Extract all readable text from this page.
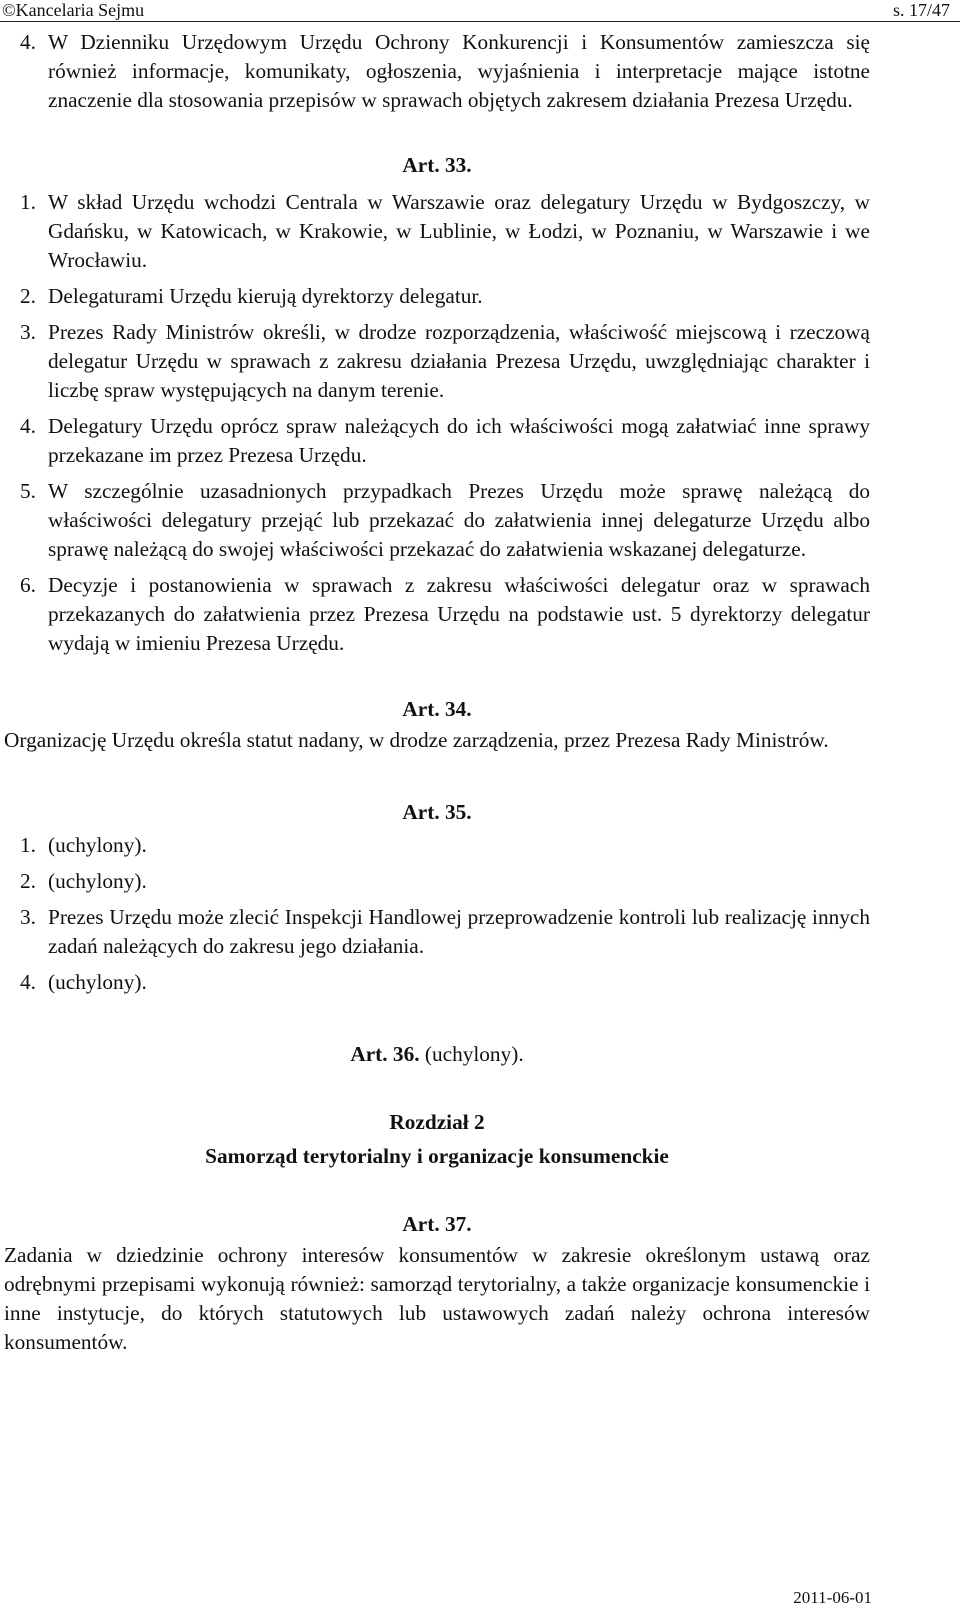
©Kancelaria Sejmu	s. 17/47

4. W Dzienniku Urzędowym Urzędu Ochrony Konkurencji i Konsumentów zamieszcza się również informacje, komunikaty, ogłoszenia, wyjaśnienia i interpretacje mające istotne znaczenie dla stosowania przepisów w sprawach objętych zakresem działania Prezesa Urzędu.

Art. 33.

1. W skład Urzędu wchodzi Centrala w Warszawie oraz delegatury Urzędu w Bydgoszczy, w Gdańsku, w Katowicach, w Krakowie, w Lublinie, w Łodzi, w Poznaniu, w Warszawie i we Wrocławiu.

2. Delegaturami Urzędu kierują dyrektorzy delegatur.

3. Prezes Rady Ministrów określi, w drodze rozporządzenia, właściwość miejscową i rzeczową delegatur Urzędu w sprawach z zakresu działania Prezesa Urzędu, uwzględniając charakter i liczbę spraw występujących na danym terenie.

4. Delegatury Urzędu oprócz spraw należących do ich właściwości mogą załatwiać inne sprawy przekazane im przez Prezesa Urzędu.

5. W szczególnie uzasadnionych przypadkach Prezes Urzędu może sprawę należącą do właściwości delegatury przejąć lub przekazać do załatwienia innej delegaturze Urzędu albo sprawę należącą do swojej właściwości przekazać do załatwienia wskazanej delegaturze.

6. Decyzje i postanowienia w sprawach z zakresu właściwości delegatur oraz w sprawach przekazanych do załatwienia przez Prezesa Urzędu na podstawie ust. 5 dyrektorzy delegatur wydają w imieniu Prezesa Urzędu.

Art. 34.

Organizację Urzędu określa statut nadany, w drodze zarządzenia, przez Prezesa Rady Ministrów.

Art. 35.

1. (uchylony).

2. (uchylony).

3. Prezes Urzędu może zlecić Inspekcji Handlowej przeprowadzenie kontroli lub realizację innych zadań należących do zakresu jego działania.

4. (uchylony).

Art. 36. (uchylony).

Rozdział 2

Samorząd terytorialny i organizacje konsumenckie

Art. 37.

Zadania w dziedzinie ochrony interesów konsumentów w zakresie określonym ustawą oraz odrębnymi przepisami wykonują również: samorząd terytorialny, a także organizacje konsumenckie i inne instytucje, do których statutowych lub ustawowych zadań należy ochrona interesów konsumentów.

2011-06-01
